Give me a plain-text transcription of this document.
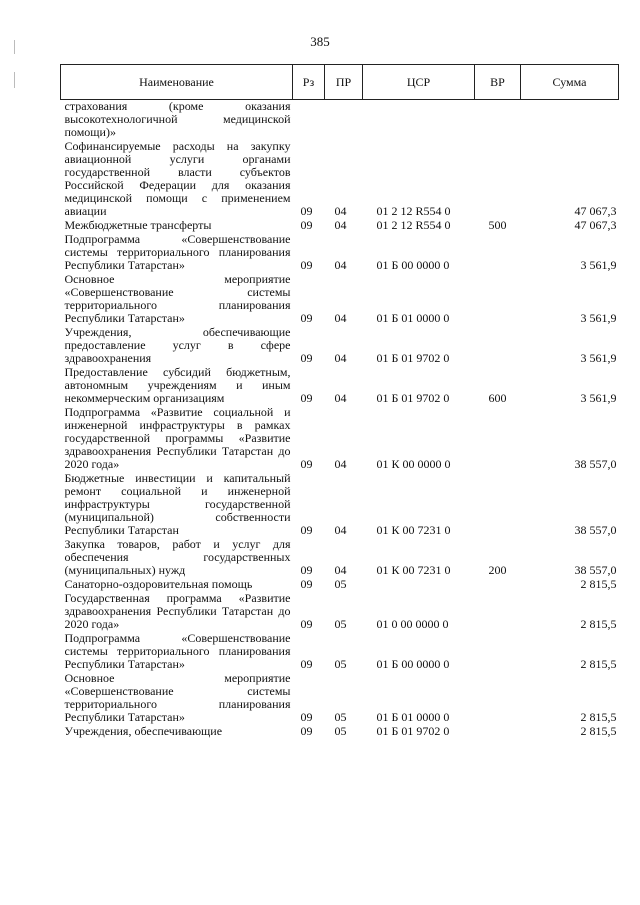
385
Наименование	Рз	ПР	ЦСР	ВР	Сумма
страхования (кроме оказания высокотехнологичной медицинской помощи)»					
Софинансируемые расходы на закупку авиационной услуги органами государственной власти субъектов Российской Федерации для оказания медицинской помощи с применением авиации	09	04	01 2 12 R554 0		47 067,3
Межбюджетные трансферты	09	04	01 2 12 R554 0	500	47 067,3
Подпрограмма «Совершенствование системы территориального планирования Республики Татарстан»	09	04	01 Б 00 0000 0		3 561,9
Основное мероприятие «Совершенствование системы территориального планирования Республики Татарстан»	09	04	01 Б 01 0000 0		3 561,9
Учреждения, обеспечивающие предоставление услуг в сфере здравоохранения	09	04	01 Б 01 9702 0		3 561,9
Предоставление субсидий бюджетным, автономным учреждениям и иным некоммерческим организациям	09	04	01 Б 01 9702 0	600	3 561,9
Подпрограмма «Развитие социальной и инженерной инфраструктуры в рамках государственной программы «Развитие здравоохранения Республики Татарстан до 2020 года»	09	04	01 К 00 0000 0		38 557,0
Бюджетные инвестиции и капитальный ремонт социальной и инженерной инфраструктуры государственной (муниципальной) собственности Республики Татарстан	09	04	01 К 00 7231 0		38 557,0
Закупка товаров, работ и услуг для обеспечения государственных (муниципальных) нужд	09	04	01 К 00 7231 0	200	38 557,0
Санаторно-оздоровительная помощь	09	05			2 815,5
Государственная программа «Развитие здравоохранения Республики Татарстан до 2020 года»	09	05	01 0 00 0000 0		2 815,5
Подпрограмма «Совершенствование системы территориального планирования Республики Татарстан»	09	05	01 Б 00 0000 0		2 815,5
Основное мероприятие «Совершенствование системы территориального планирования Республики Татарстан»	09	05	01 Б 01 0000 0		2 815,5
Учреждения, обеспечивающие	09	05	01 Б 01 9702 0		2 815,5
